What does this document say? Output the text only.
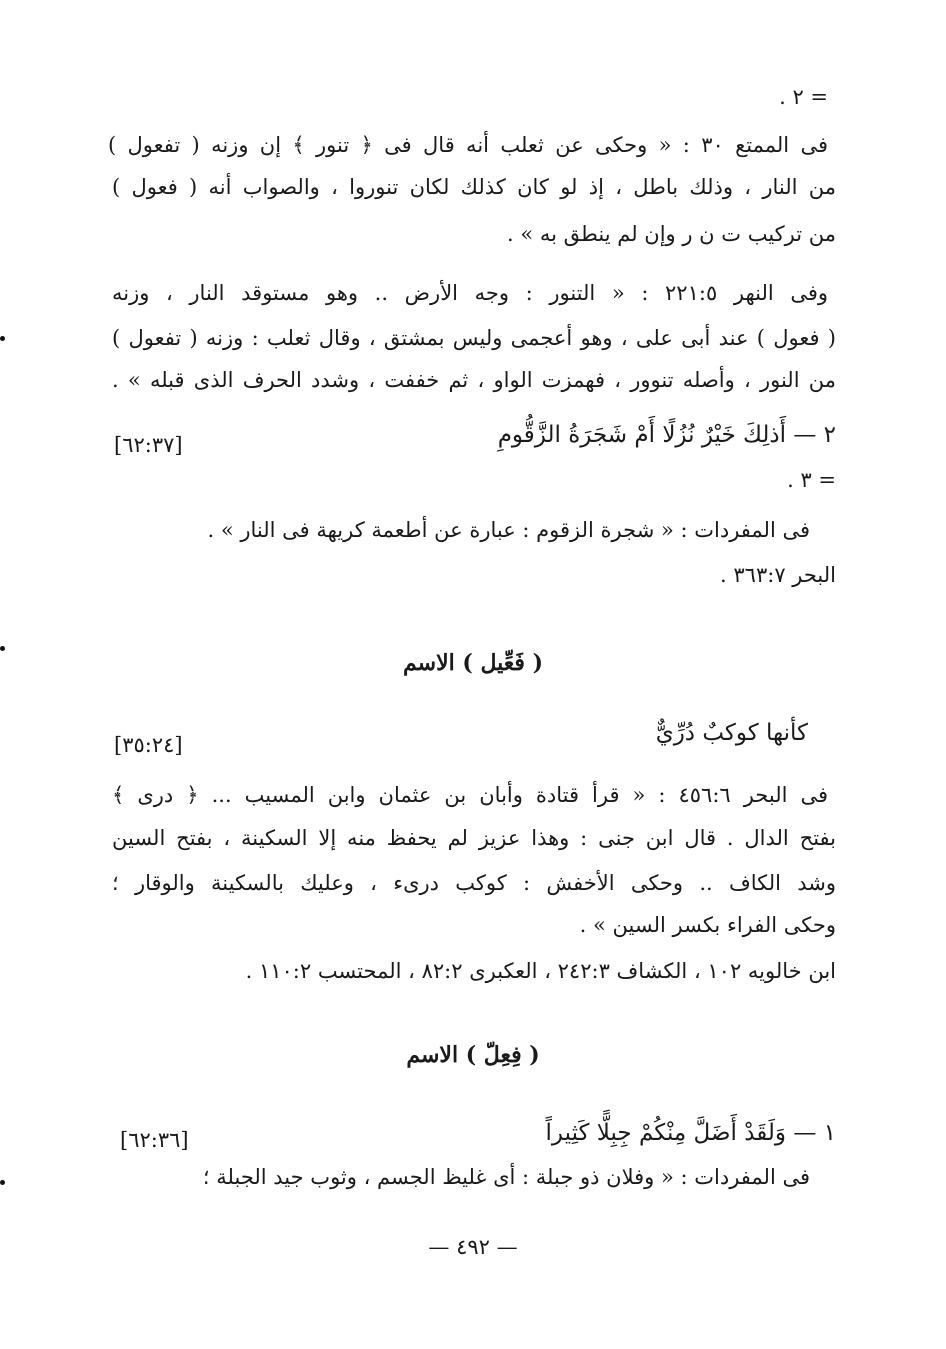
= ٢ .
فى الممتع ٣٠ : « وحكى عن ثعلب أنه قال فى ﴿ تنور ﴾ إن وزنه ( تفعول )
من النار ، وذلك باطل ، إذ لو كان كذلك لكان تنوروا ، والصواب أنه ( فعول )
من تركيب ت ن ر وإن لم ينطق به » .
وفى النهر ٢٢١:٥ : « التنور : وجه الأرض .. وهو مستوقد النار ، وزنه
( فعول ) عند أبى على ، وهو أعجمى وليس بمشتق ، وقال ثعلب : وزنه ( تفعول )
من النور ، وأصله تنوور ، فهمزت الواو ، ثم خففت ، وشدد الحرف الذى قبله » .
٢ — أَذلِكَ خَيْرٌ نُزُلًا أَمْ شَجَرَةُ الزَّقُّومِ
[٦٢:٣٧]
= ٣ .
فى المفردات : « شجرة الزقوم : عبارة عن أطعمة كريهة فى النار » .
البحر ٣٦٣:٧ .
( فَعِّيل ) الاسم
كأنها كوكبٌ دُرِّيٌّ
[٣٥:٢٤]
فى البحر ٤٥٦:٦ : « قرأ قتادة وأبان بن عثمان وابن المسيب ... ﴿ درى ﴾
بفتح الدال . قال ابن جنى : وهذا عزيز لم يحفظ منه إلا السكينة ، بفتح السين
وشد الكاف .. وحكى الأخفش : كوكب درىء ، وعليك بالسكينة والوقار ؛
وحكى الفراء بكسر السين » .
ابن خالويه ١٠٢ ، الكشاف ٢٤٢:٣ ، العكبرى ٨٢:٢ ، المحتسب ١١٠:٢ .
( فِعِلّ ) الاسم
١ — وَلَقَدْ أَضَلَّ مِنْكُمْ جِبِلًّا كَثِيراً
[٦٢:٣٦]
فى المفردات : « وفلان ذو جبلة : أى غليظ الجسم ، وثوب جيد الجبلة ؛
— ٤٩٢ —
